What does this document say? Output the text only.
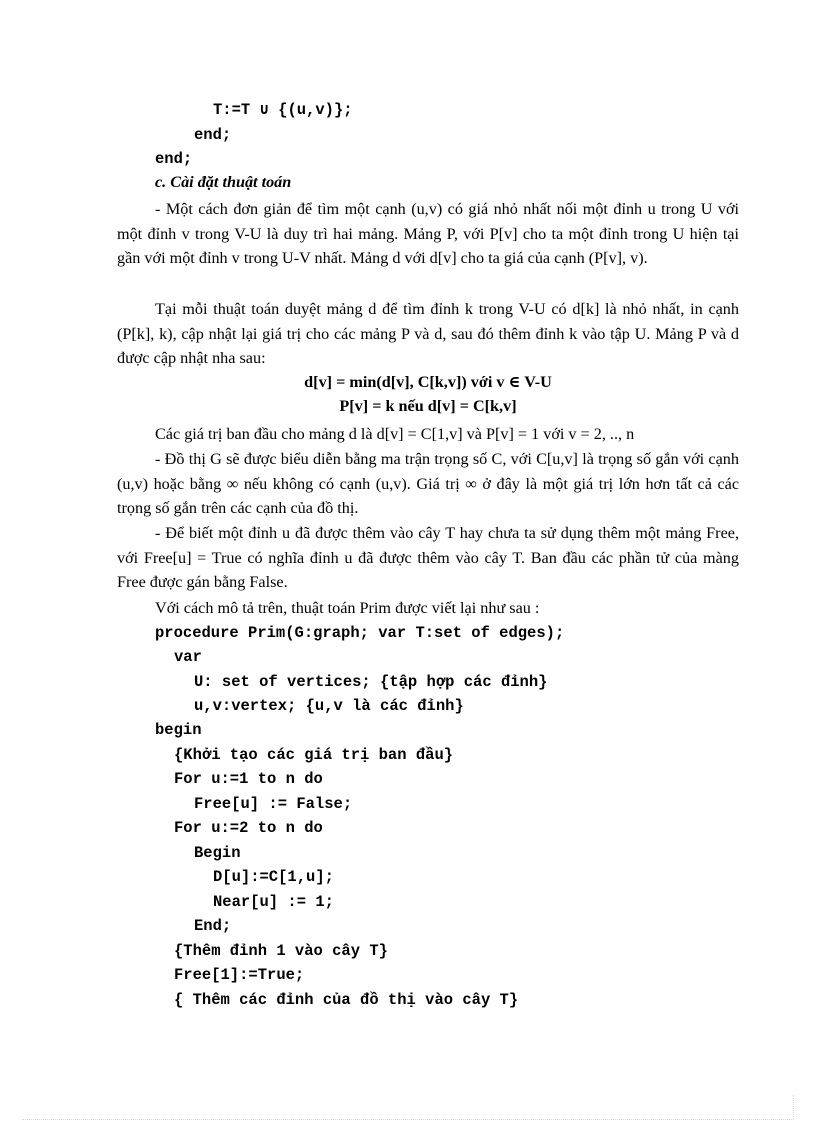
T:=T ∪ {(u,v)};

end;

end;

c. Cài đặt thuật toán

- Một cách đơn giản để tìm một cạnh (u,v) có giá nhỏ nhất nối một đỉnh u trong U với một đỉnh v trong V-U là duy trì hai mảng. Mảng P, với P[v] cho ta một đỉnh trong U hiện tại gần với một đỉnh v trong U-V nhất. Mảng d với d[v] cho ta giá của cạnh (P[v], v).

Tại mỗi thuật toán duyệt mảng d để tìm đỉnh k trong V-U có d[k] là nhỏ nhất, in cạnh (P[k], k), cập nhật lại giá trị cho các mảng P và d, sau đó thêm đỉnh k vào tập U. Mảng P và d được cập nhật nha sau:

d[v] = min(d[v], C[k,v]) với v ∈ V-U

P[v] = k nếu d[v] = C[k,v]

Các giá trị ban đầu cho mảng d là d[v] = C[1,v] và P[v] = 1 với v = 2, .., n

- Đồ thị G sẽ được biểu diễn bằng ma trận trọng số C, với C[u,v] là trọng số gắn với cạnh (u,v) hoặc bằng ∞ nếu không có cạnh (u,v). Giá trị ∞ ở đây là một giá trị lớn hơn tất cả các trọng số gắn trên các cạnh của đồ thị.

- Để biết một đỉnh u đã được thêm vào cây T hay chưa ta sử dụng thêm một mảng Free, với Free[u] = True có nghĩa đỉnh u đã được thêm vào cây T. Ban đầu các phần tử của màng Free được gán bằng False.

Với cách mô tả trên, thuật toán Prim được viết lại như sau :

procedure Prim(G:graph; var T:set of edges);

var

U: set of vertices; {tập hợp các đỉnh}

u,v:vertex; {u,v là các đỉnh}

begin

{Khởi tạo các giá trị ban đầu}

For u:=1 to n do

Free[u] := False;

For u:=2 to n do

Begin

D[u]:=C[1,u];

Near[u] := 1;

End;

{Thêm đỉnh 1 vào cây T}

Free[1]:=True;

{ Thêm các đỉnh của đồ thị vào cây T}
